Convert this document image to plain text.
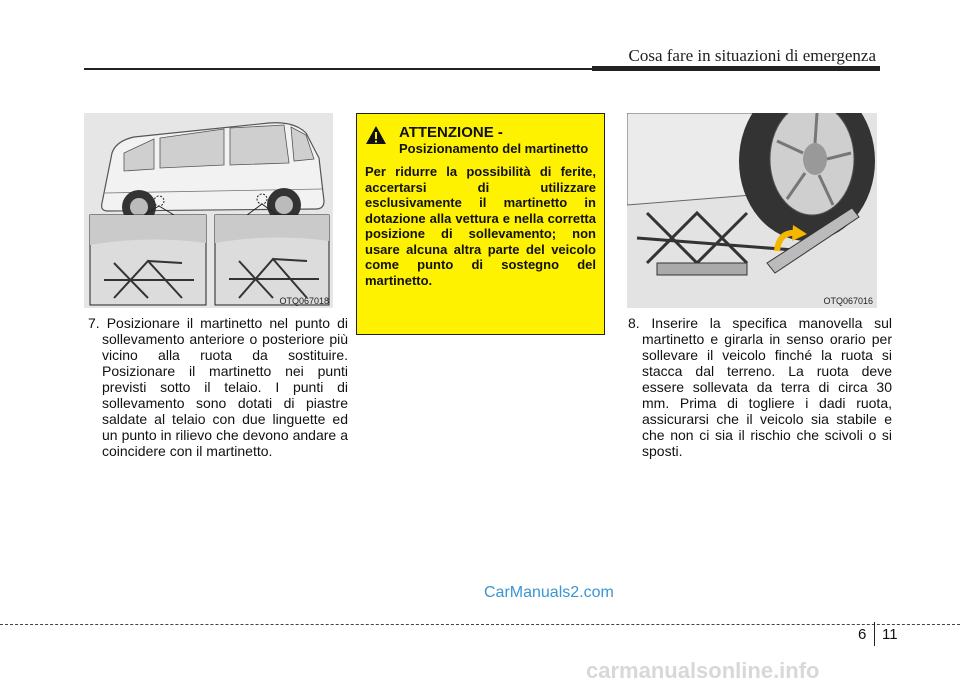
Cosa fare in situazioni di emergenza
OTQ067018
7. Posizionare il martinetto nel punto di sollevamento anteriore o posteriore più vicino alla ruota da sostituire. Posizionare il martinetto nei punti previsti sotto il telaio. I punti di sollevamento sono dotati di piastre saldate al telaio con due linguette ed un punto in rilievo che devono andare a coincidere con il martinetto.
ATTENZIONE -
Posizionamento del martinetto
Per ridurre la possibilità di ferite, accertarsi di utilizzare esclusivamente il martinetto in dotazione alla vettura e nella corretta posizione di sollevamento; non usare alcuna altra parte del veicolo come punto di sostegno del martinetto.
OTQ067016
8. Inserire la specifica manovella sul martinetto e girarla in senso orario per sollevare il veicolo finché la ruota si stacca dal terreno. La ruota deve essere sollevata da terra di circa 30 mm. Prima di togliere i dadi ruota, assicurarsi che il veicolo sia stabile e che non ci sia il rischio che scivoli o si sposti.
CarManuals2.com
6 11
carmanualsonline.info
